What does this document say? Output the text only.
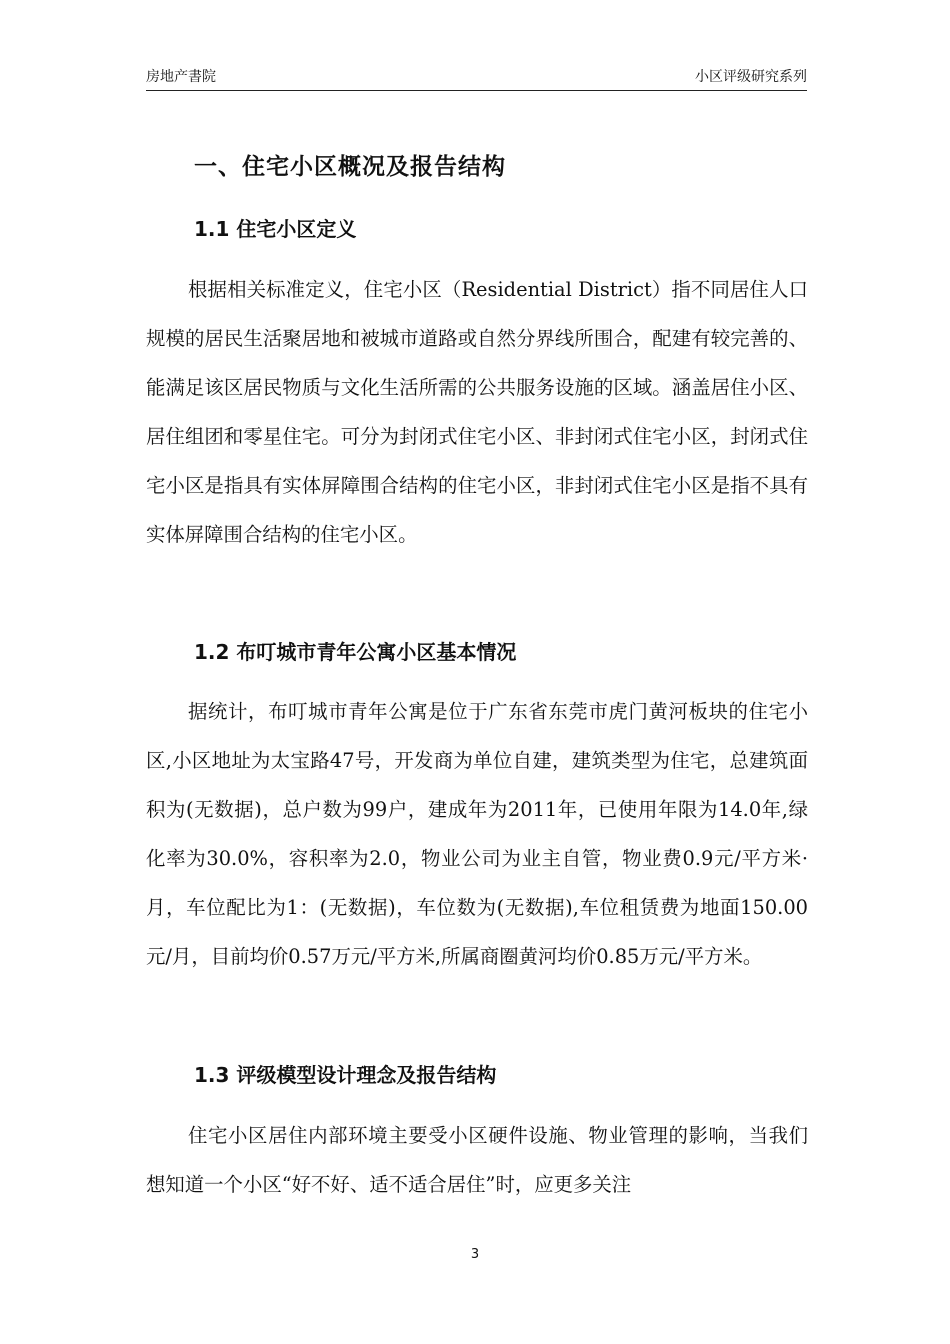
房地产書院	小区评级研究系列
一、住宅小区概况及报告结构
1.1 住宅小区定义
根据相关标准定义，住宅小区（Residential District）指不同居住人口规模的居民生活聚居地和被城市道路或自然分界线所围合，配建有较完善的、能满足该区居民物质与文化生活所需的公共服务设施的区域。涵盖居住小区、居住组团和零星住宅。可分为封闭式住宅小区、非封闭式住宅小区，封闭式住宅小区是指具有实体屏障围合结构的住宅小区，非封闭式住宅小区是指不具有实体屏障围合结构的住宅小区。
1.2 布叮城市青年公寓小区基本情况
据统计，布叮城市青年公寓是位于广东省东莞市虎门黄河板块的住宅小区,小区地址为太宝路47号，开发商为单位自建，建筑类型为住宅，总建筑面积为(无数据)，总户数为99户，建成年为2011年，已使用年限为14.0年,绿化率为30.0%，容积率为2.0，物业公司为业主自管，物业费0.9元/平方米·月，车位配比为1：(无数据)，车位数为(无数据),车位租赁费为地面150.00元/月，目前均价0.57万元/平方米,所属商圈黄河均价0.85万元/平方米。
1.3 评级模型设计理念及报告结构
住宅小区居住内部环境主要受小区硬件设施、物业管理的影响，当我们想知道一个小区“好不好、适不适合居住”时，应更多关注
3
